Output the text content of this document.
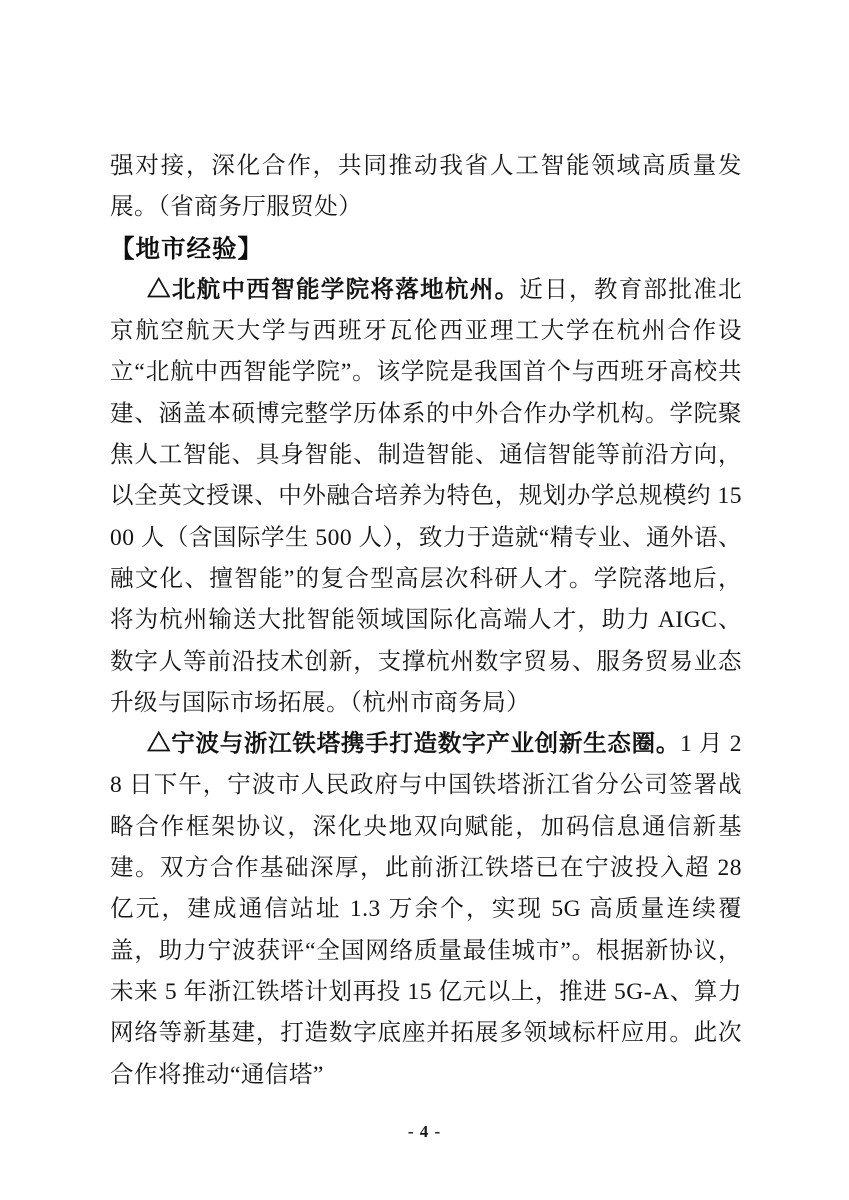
强对接，深化合作，共同推动我省人工智能领域高质量发展。（省商务厅服贸处）

【地市经验】

△北航中西智能学院将落地杭州。近日，教育部批准北京航空航天大学与西班牙瓦伦西亚理工大学在杭州合作设立“北航中西智能学院”。该学院是我国首个与西班牙高校共建、涵盖本硕博完整学历体系的中外合作办学机构。学院聚焦人工智能、具身智能、制造智能、通信智能等前沿方向，以全英文授课、中外融合培养为特色，规划办学总规模约 1500 人（含国际学生 500 人），致力于造就“精专业、通外语、融文化、擅智能”的复合型高层次科研人才。学院落地后，将为杭州输送大批智能领域国际化高端人才，助力 AIGC、数字人等前沿技术创新，支撑杭州数字贸易、服务贸易业态升级与国际市场拓展。（杭州市商务局）

△宁波与浙江铁塔携手打造数字产业创新生态圈。1 月 28 日下午，宁波市人民政府与中国铁塔浙江省分公司签署战略合作框架协议，深化央地双向赋能，加码信息通信新基建。双方合作基础深厚，此前浙江铁塔已在宁波投入超 28 亿元，建成通信站址 1.3 万余个，实现 5G 高质量连续覆盖，助力宁波获评“全国网络质量最佳城市”。根据新协议，未来 5 年浙江铁塔计划再投 15 亿元以上，推进 5G-A、算力网络等新基建，打造数字底座并拓展多领域标杆应用。此次合作将推动“通信塔”

- 4 -
